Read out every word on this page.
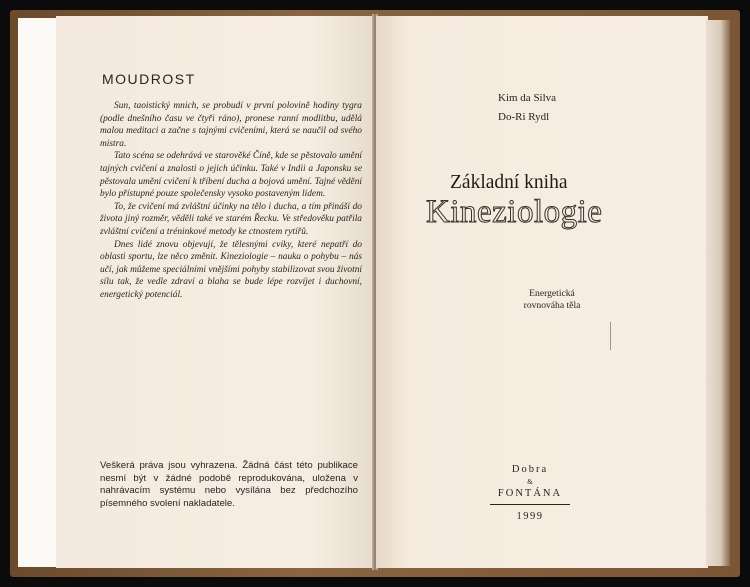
MOUDROST

Sun, taoistický mnich, se probudí v první polovině hodiny tygra (podle dnešního času ve čtyři ráno), pronese ranní modlitbu, udělá malou meditaci a začne s tajnými cvičeními, která se naučil od svého mistra.

Tato scéna se odehrává ve starověké Číně, kde se pěstovalo umění tajných cvičení a znalosti o jejich účinku. Také v Indii a Japonsku se pěstovala umění cvičení k tříbení ducha a bojová umění. Tajné vědění bylo přístupné pouze společensky vysoko postaveným lidem.

To, že cvičení má zvláštní účinky na tělo i ducha, a tím přináší do života jiný rozměr, věděli také ve starém Řecku. Ve středověku patřila zvláštní cvičení a tréninkové metody ke ctnostem rytířů.

Dnes lidé znovu objevují, že tělesnými cviky, které nepatří do oblasti sportu, lze něco změnit. Kineziologie – nauka o pohybu – nás učí, jak můžeme speciálními vnějšími pohyby stabilizovat svou životní sílu tak, že vedle zdraví a blaha se bude lépe rozvíjet i duchovní, energetický potenciál.

Veškerá práva jsou vyhrazena. Žádná část této publikace nesmí být v žádné podobě reprodukována, uložena v nahrávacím systému nebo vysílána bez předchozího písemného svolení nakladatele.
Kim da Silva
Do-Ri Rydl
Základní kniha
Kineziologie
Energetická
rovnováha těla
Dobra
&
FONTÁNA
1999
